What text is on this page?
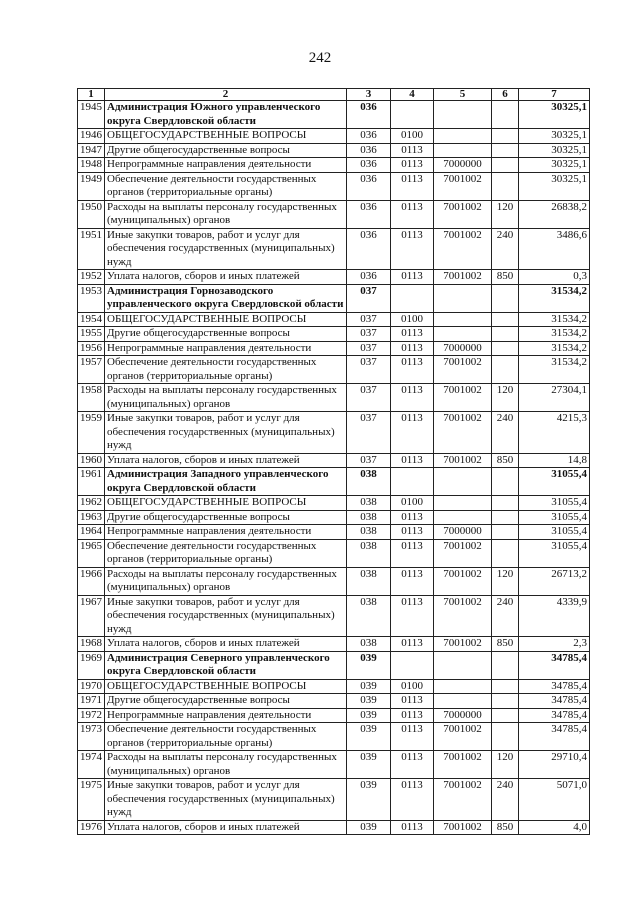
242
1	2	3	4	5	6	7
1945	Администрация Южного управленческого округа Свердловской области	036				30325,1
1946	ОБЩЕГОСУДАРСТВЕННЫЕ ВОПРОСЫ	036	0100			30325,1
1947	Другие общегосударственные вопросы	036	0113			30325,1
1948	Непрограммные направления деятельности	036	0113	7000000		30325,1
1949	Обеспечение деятельности государственных органов (территориальные органы)	036	0113	7001002		30325,1
1950	Расходы на выплаты персоналу государственных (муниципальных) органов	036	0113	7001002	120	26838,2
1951	Иные закупки товаров, работ и услуг для обеспечения государственных (муниципальных) нужд	036	0113	7001002	240	3486,6
1952	Уплата налогов, сборов и иных платежей	036	0113	7001002	850	0,3
1953	Администрация Горнозаводского управленческого округа Свердловской области	037				31534,2
1954	ОБЩЕГОСУДАРСТВЕННЫЕ ВОПРОСЫ	037	0100			31534,2
1955	Другие общегосударственные вопросы	037	0113			31534,2
1956	Непрограммные направления деятельности	037	0113	7000000		31534,2
1957	Обеспечение деятельности государственных органов (территориальные органы)	037	0113	7001002		31534,2
1958	Расходы на выплаты персоналу государственных (муниципальных) органов	037	0113	7001002	120	27304,1
1959	Иные закупки товаров, работ и услуг для обеспечения государственных (муниципальных) нужд	037	0113	7001002	240	4215,3
1960	Уплата налогов, сборов и иных платежей	037	0113	7001002	850	14,8
1961	Администрация Западного управленческого округа Свердловской области	038				31055,4
1962	ОБЩЕГОСУДАРСТВЕННЫЕ ВОПРОСЫ	038	0100			31055,4
1963	Другие общегосударственные вопросы	038	0113			31055,4
1964	Непрограммные направления деятельности	038	0113	7000000		31055,4
1965	Обеспечение деятельности государственных органов (территориальные органы)	038	0113	7001002		31055,4
1966	Расходы на выплаты персоналу государственных (муниципальных) органов	038	0113	7001002	120	26713,2
1967	Иные закупки товаров, работ и услуг для обеспечения государственных (муниципальных) нужд	038	0113	7001002	240	4339,9
1968	Уплата налогов, сборов и иных платежей	038	0113	7001002	850	2,3
1969	Администрация Северного управленческого округа Свердловской области	039				34785,4
1970	ОБЩЕГОСУДАРСТВЕННЫЕ ВОПРОСЫ	039	0100			34785,4
1971	Другие общегосударственные вопросы	039	0113			34785,4
1972	Непрограммные направления деятельности	039	0113	7000000		34785,4
1973	Обеспечение деятельности государственных органов (территориальные органы)	039	0113	7001002		34785,4
1974	Расходы на выплаты персоналу государственных (муниципальных) органов	039	0113	7001002	120	29710,4
1975	Иные закупки товаров, работ и услуг для обеспечения государственных (муниципальных) нужд	039	0113	7001002	240	5071,0
1976	Уплата налогов, сборов и иных платежей	039	0113	7001002	850	4,0
